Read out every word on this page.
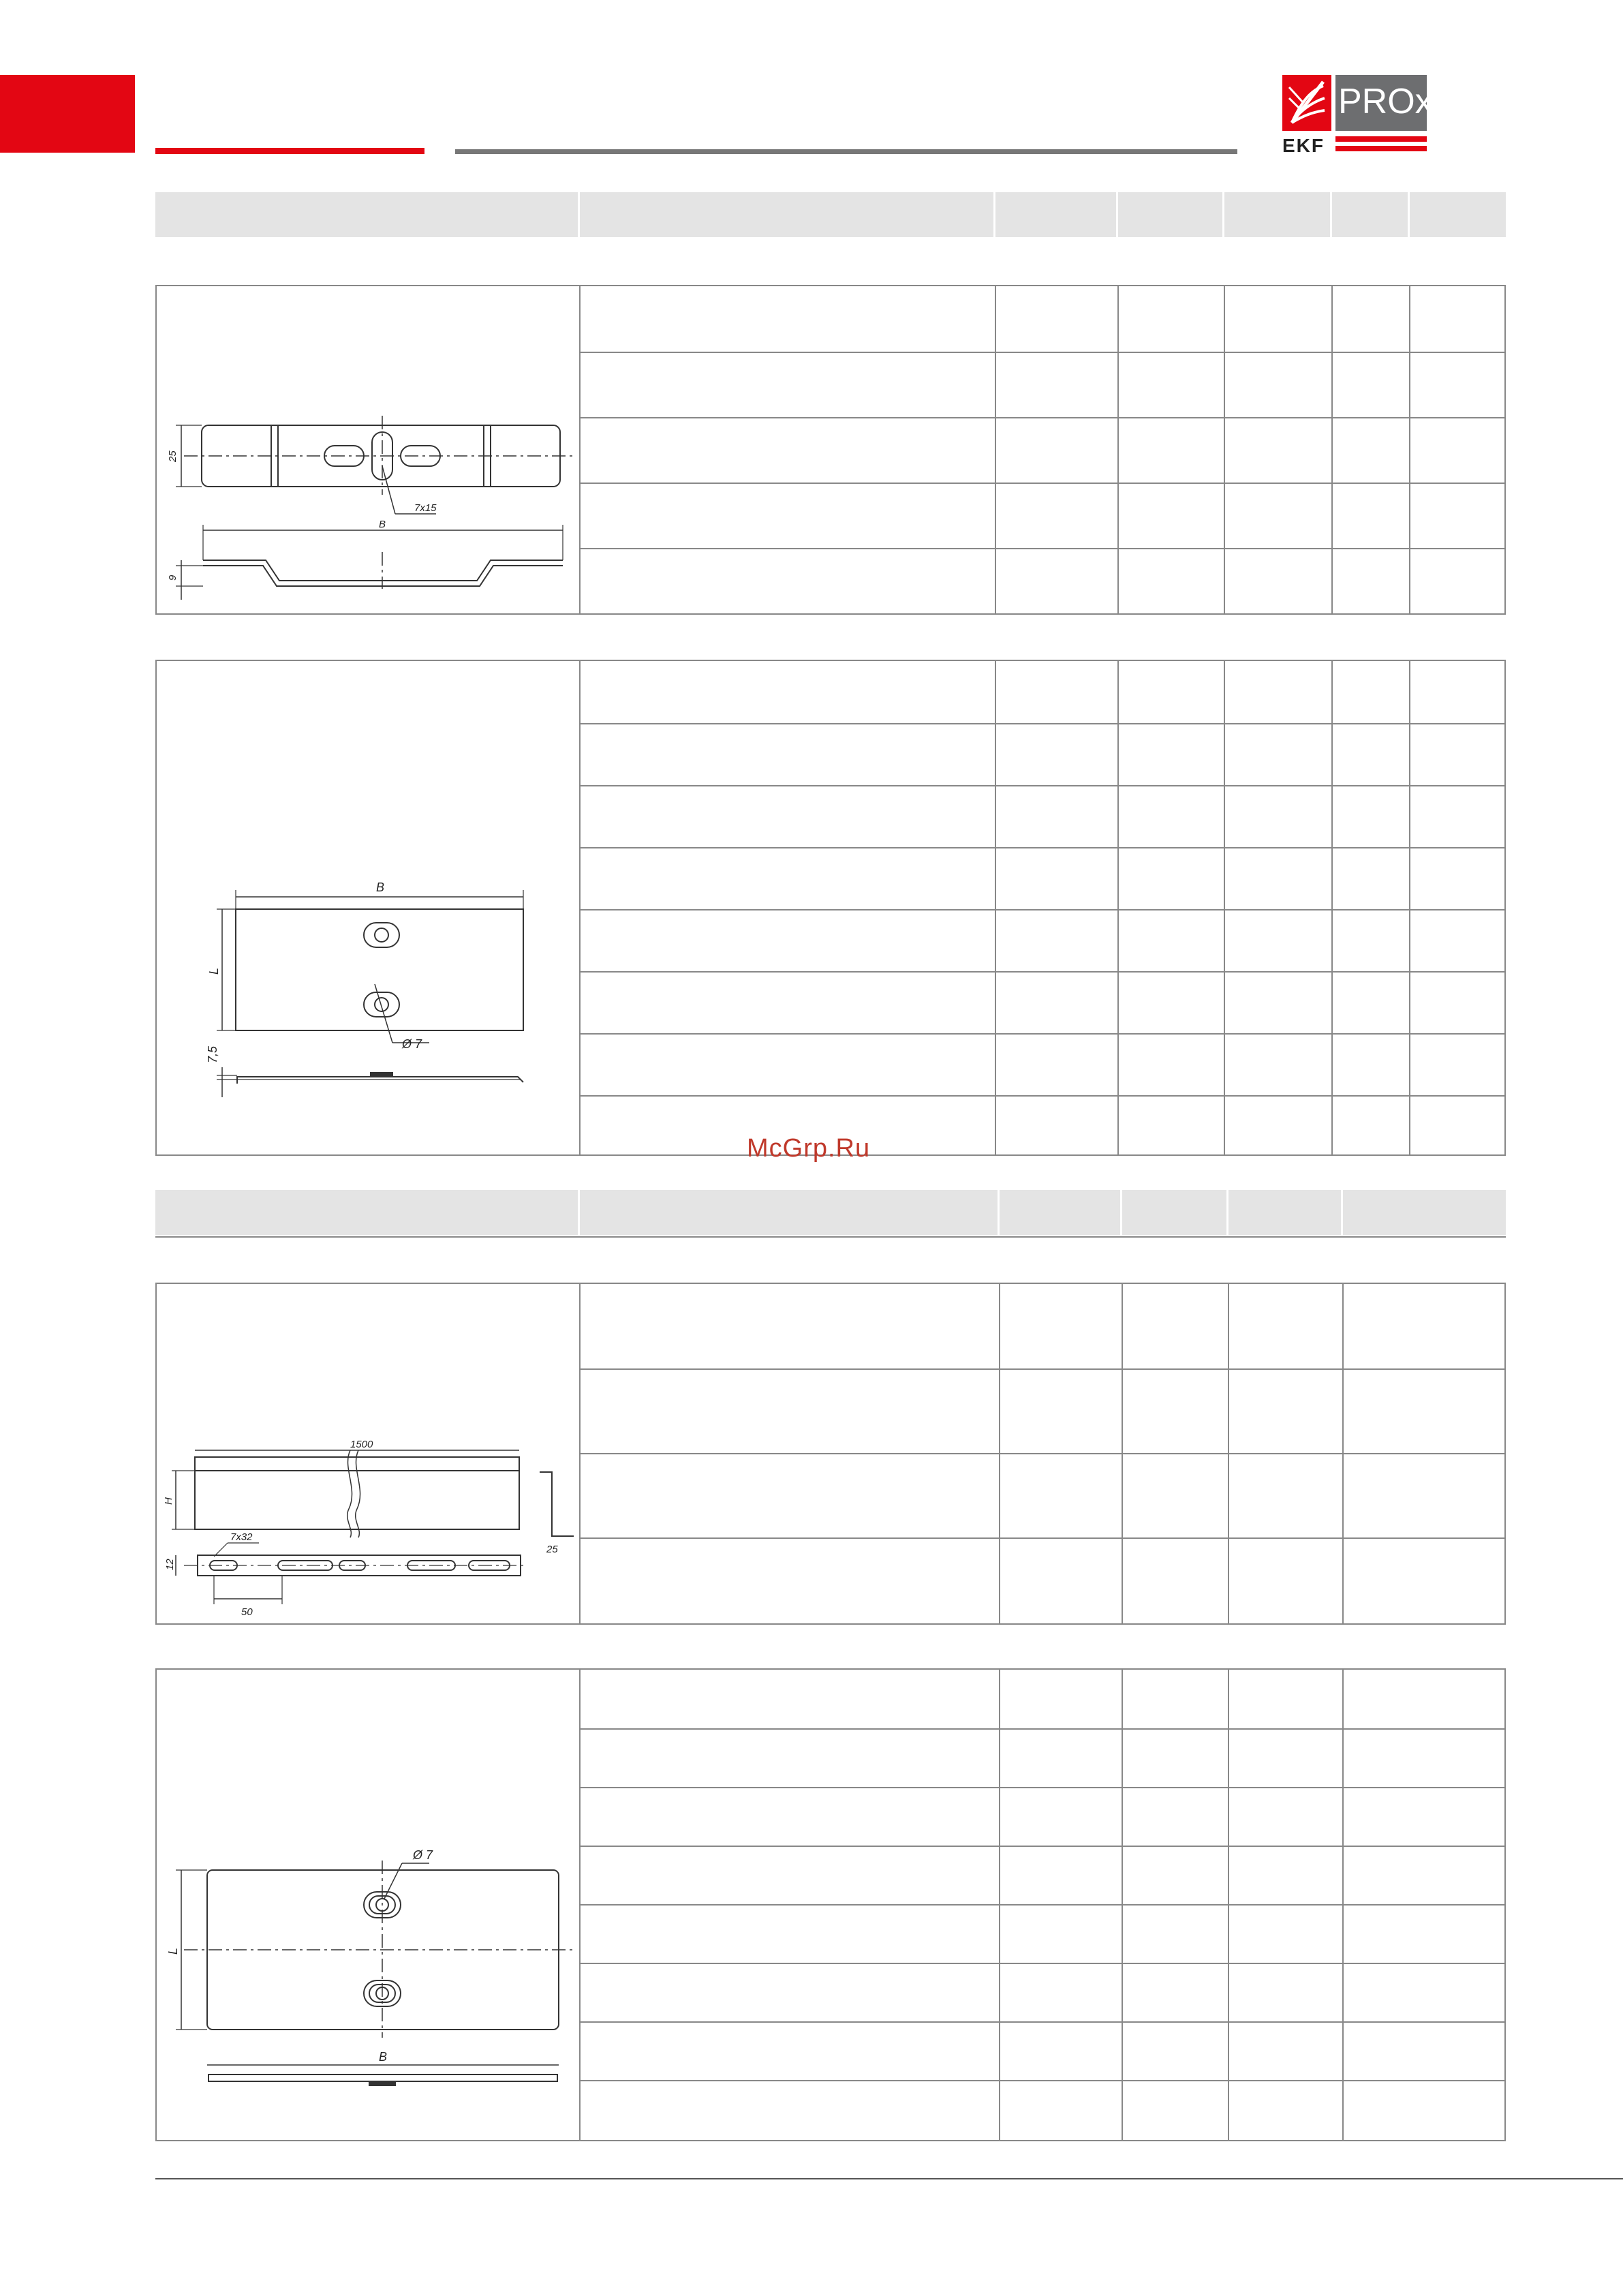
EKF
PROxima
25
7x15
B
9
B
L
Ø 7
7,5
McGrp.Ru
1500
H
25
7x32
12
50
Ø 7
L
B
